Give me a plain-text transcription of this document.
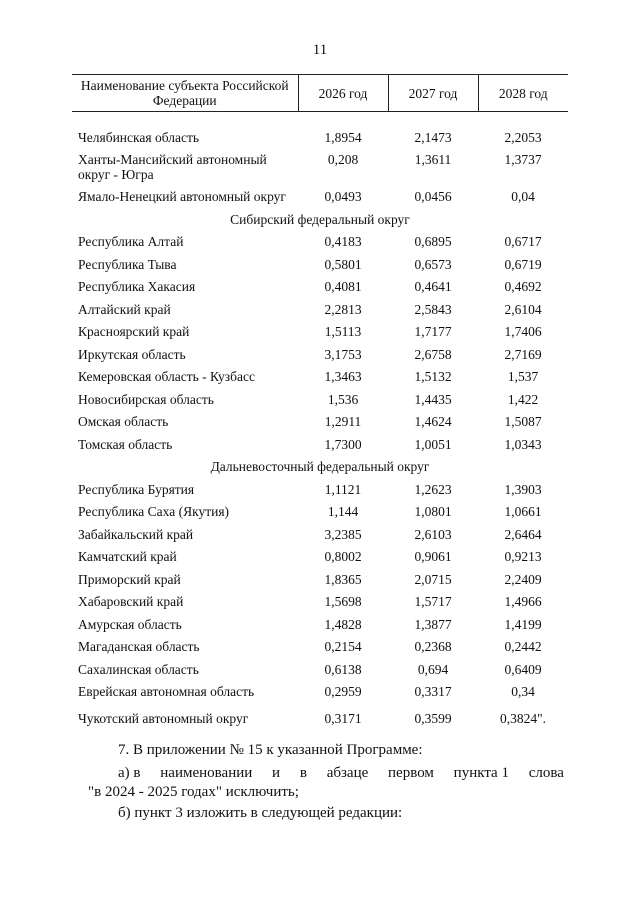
11
Наименование субъекта Российской Федерации	2026 год	2027 год	2028 год

Челябинская область	1,8954	2,1473	2,2053
Ханты-Мансийский автономный округ - Югра	0,208	1,3611	1,3737
Ямало-Ненецкий автономный округ	0,0493	0,0456	0,04
Сибирский федеральный округ			
Республика Алтай	0,4183	0,6895	0,6717
Республика Тыва	0,5801	0,6573	0,6719
Республика Хакасия	0,4081	0,4641	0,4692
Алтайский край	2,2813	2,5843	2,6104
Красноярский край	1,5113	1,7177	1,7406
Иркутская область	3,1753	2,6758	2,7169
Кемеровская область - Кузбасс	1,3463	1,5132	1,537
Новосибирская область	1,536	1,4435	1,422
Омская область	1,2911	1,4624	1,5087
Томская область	1,7300	1,0051	1,0343
Дальневосточный федеральный округ			
Республика Бурятия	1,1121	1,2623	1,3903
Республика Саха (Якутия)	1,144	1,0801	1,0661
Забайкальский край	3,2385	2,6103	2,6464
Камчатский край	0,8002	0,9061	0,9213
Приморский край	1,8365	2,0715	2,2409
Хабаровский край	1,5698	1,5717	1,4966
Амурская область	1,4828	1,3877	1,4199
Магаданская область	0,2154	0,2368	0,2442
Сахалинская область	0,6138	0,694	0,6409
Еврейская автономная область	0,2959	0,3317	0,34
Чукотский автономный округ	0,3171	0,3599	0,3824".
7. В приложении № 15 к указанной Программе:
а) в наименовании и в абзаце первом пункта 1 слова
"в 2024 - 2025 годах" исключить;
б) пункт 3 изложить в следующей редакции:
